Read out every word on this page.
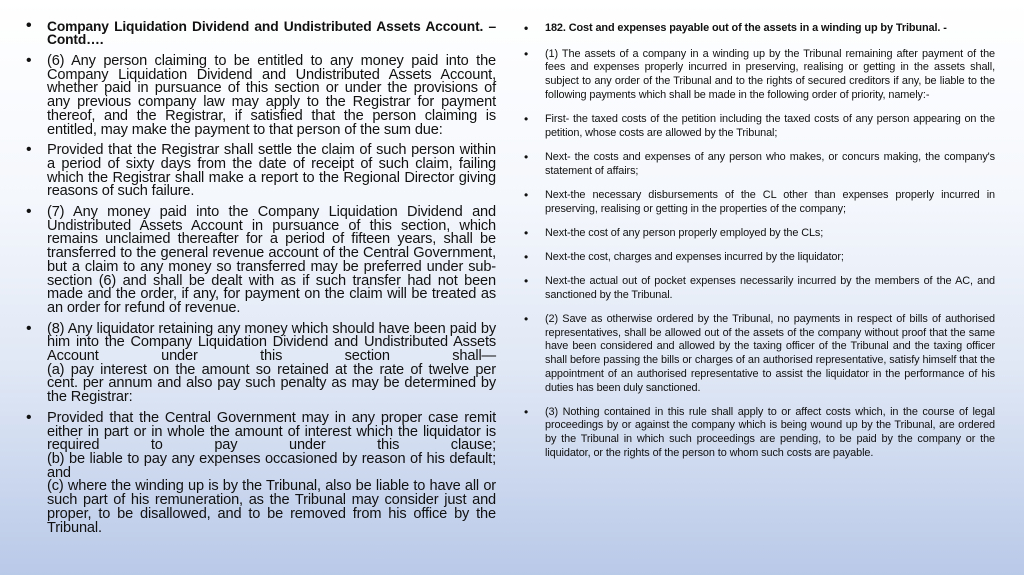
• Company Liquidation Dividend and Undistributed Assets Account. – Contd….
• (6) Any person claiming to be entitled to any money paid into the Company Liquidation Dividend and Undistributed Assets Account, whether paid in pursuance of this section or under the provisions of any previous company law may apply to the Registrar for payment thereof, and the Registrar, if satisfied that the person claiming is entitled, may make the payment to that person of the sum due:
• Provided that the Registrar shall settle the claim of such person within a period of sixty days from the date of receipt of such claim, failing which the Registrar shall make a report to the Regional Director giving reasons of such failure.
• (7) Any money paid into the Company Liquidation Dividend and Undistributed Assets Account in pursuance of this section, which remains unclaimed thereafter for a period of fifteen years, shall be transferred to the general revenue account of the Central Government, but a claim to any money so transferred may be preferred under sub-section (6) and shall be dealt with as if such transfer had not been made and the order, if any, for payment on the claim will be treated as an order for refund of revenue.
• (8) Any liquidator retaining any money which should have been paid by him into the Company Liquidation Dividend and Undistributed Assets Account under this section shall—
(a) pay interest on the amount so retained at the rate of twelve per cent. per annum and also pay such penalty as may be determined by the Registrar:
• Provided that the Central Government may in any proper case remit either in part or in whole the amount of interest which the liquidator is required to pay under this clause;
(b) be liable to pay any expenses occasioned by reason of his default; and
(c) where the winding up is by the Tribunal, also be liable to have all or such part of his remuneration, as the Tribunal may consider just and proper, to be disallowed, and to be removed from his office by the Tribunal.
• 182. Cost and expenses payable out of the assets in a winding up by Tribunal. -
• (1) The assets of a company in a winding up by the Tribunal remaining after payment of the fees and expenses properly incurred in preserving, realising or getting in the assets shall, subject to any order of the Tribunal and to the rights of secured creditors if any, be liable to the following payments which shall be made in the following order of priority, namely:-
• First- the taxed costs of the petition including the taxed costs of any person appearing on the petition, whose costs are allowed by the Tribunal;
• Next- the costs and expenses of any person who makes, or concurs making, the company's statement of affairs;
• Next-the necessary disbursements of the CL other than expenses properly incurred in preserving, realising or getting in the properties of the company;
• Next-the cost of any person properly employed by the CLs;
• Next-the cost, charges and expenses incurred by the liquidator;
• Next-the actual out of pocket expenses necessarily incurred by the members of the AC, and sanctioned by the Tribunal.
• (2) Save as otherwise ordered by the Tribunal, no payments in respect of bills of authorised representatives, shall be allowed out of the assets of the company without proof that the same have been considered and allowed by the taxing officer of the Tribunal and the taxing officer shall before passing the bills or charges of an authorised representative, satisfy himself that the appointment of an authorised representative to assist the liquidator in the performance of his duties has been duly sanctioned.
• (3) Nothing contained in this rule shall apply to or affect costs which, in the course of legal proceedings by or against the company which is being wound up by the Tribunal, are ordered by the Tribunal in which such proceedings are pending, to be paid by the company or the liquidator, or the rights of the person to whom such costs are payable.
